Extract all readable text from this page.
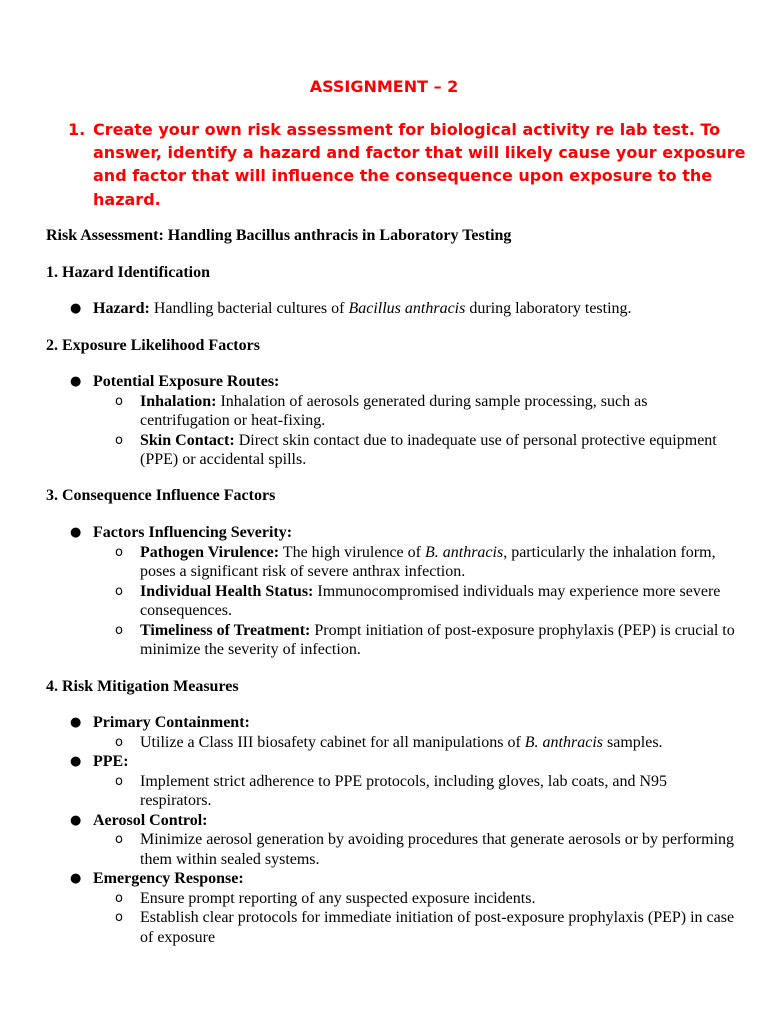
ASSIGNMENT – 2
1. Create your own risk assessment for biological activity re lab test. To answer, identify a hazard and factor that will likely cause your exposure and factor that will influence the consequence upon exposure to the hazard.

Risk Assessment: Handling Bacillus anthracis in Laboratory Testing

1. Hazard Identification

● Hazard: Handling bacterial cultures of Bacillus anthracis during laboratory testing.

2. Exposure Likelihood Factors

● Potential Exposure Routes:
o Inhalation: Inhalation of aerosols generated during sample processing, such as centrifugation or heat-fixing.
o Skin Contact: Direct skin contact due to inadequate use of personal protective equipment (PPE) or accidental spills.

3. Consequence Influence Factors

● Factors Influencing Severity:
o Pathogen Virulence: The high virulence of B. anthracis, particularly the inhalation form, poses a significant risk of severe anthrax infection.
o Individual Health Status: Immunocompromised individuals may experience more severe consequences.
o Timeliness of Treatment: Prompt initiation of post-exposure prophylaxis (PEP) is crucial to minimize the severity of infection.

4. Risk Mitigation Measures

● Primary Containment:
o Utilize a Class III biosafety cabinet for all manipulations of B. anthracis samples.
● PPE:
o Implement strict adherence to PPE protocols, including gloves, lab coats, and N95 respirators.
● Aerosol Control:
o Minimize aerosol generation by avoiding procedures that generate aerosols or by performing them within sealed systems.
● Emergency Response:
o Ensure prompt reporting of any suspected exposure incidents.
o Establish clear protocols for immediate initiation of post-exposure prophylaxis (PEP) in case of exposure
